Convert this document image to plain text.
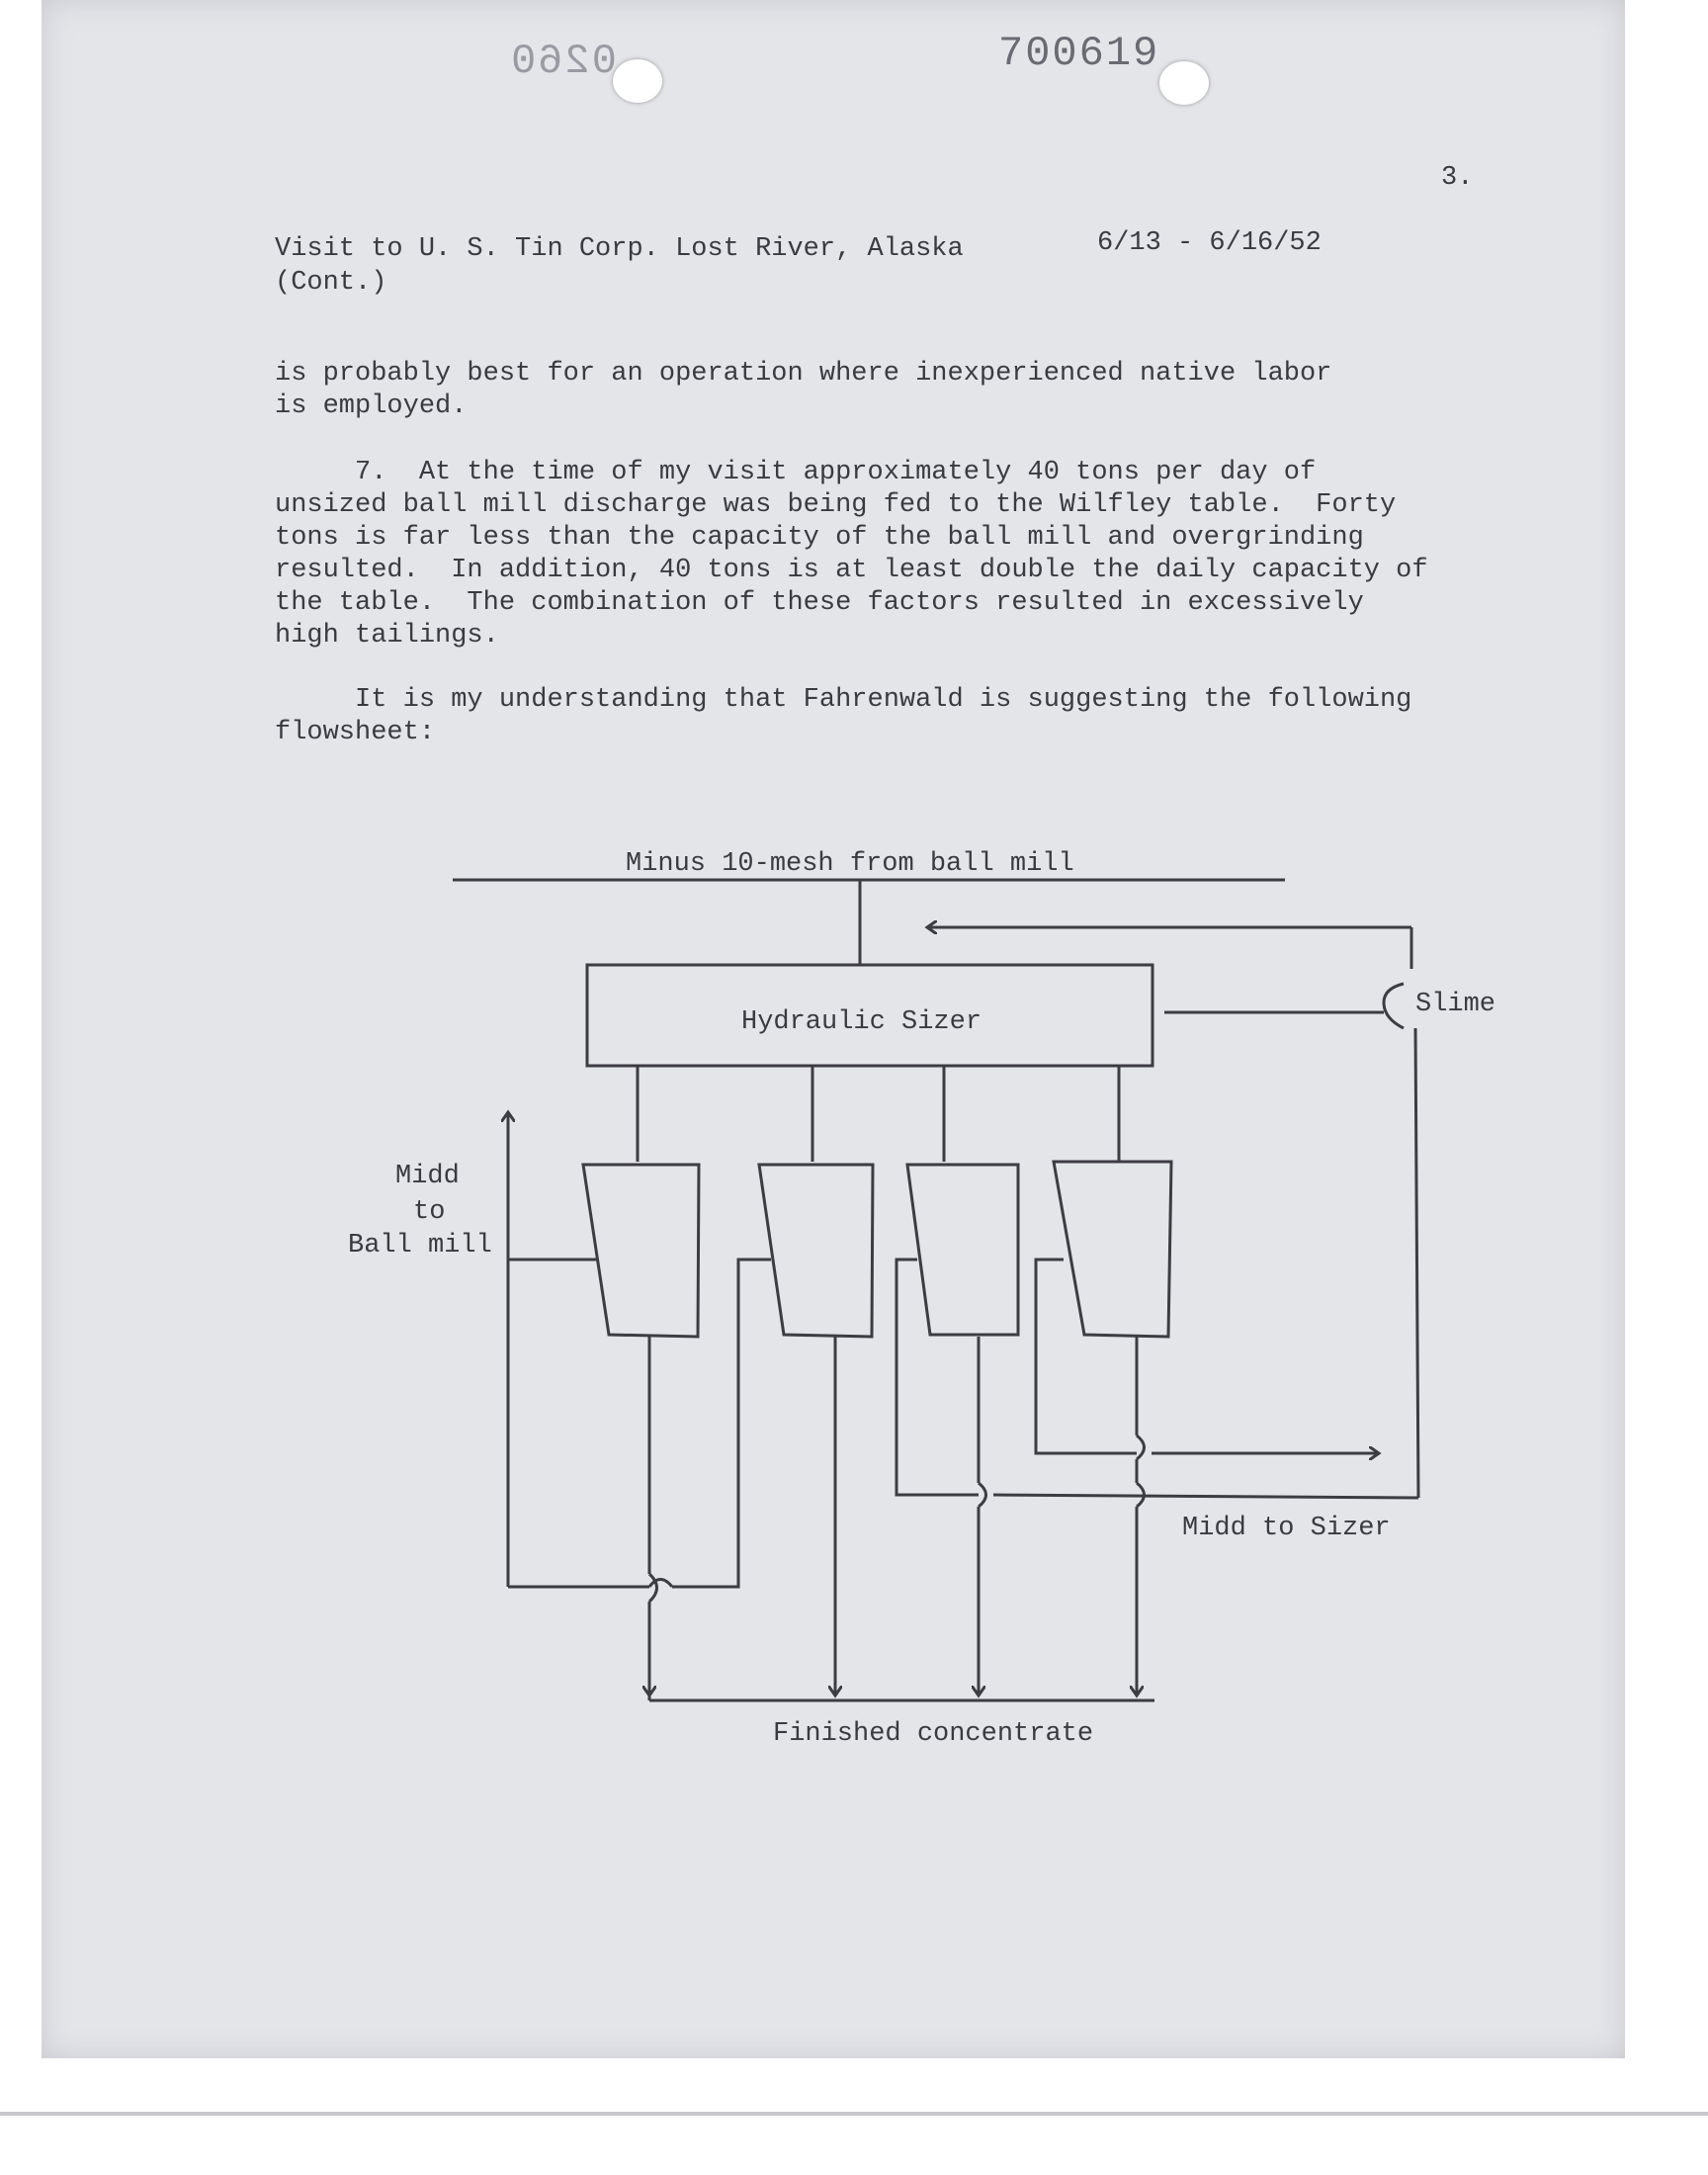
0260	700619
3.
Visit to U. S. Tin Corp. Lost River, Alaska
(Cont.)
6/13 - 6/16/52

is probably best for an operation where inexperienced native labor
is employed.

7.  At the time of my visit approximately 40 tons per day of
unsized ball mill discharge was being fed to the Wilfley table.  Forty
tons is far less than the capacity of the ball mill and overgrinding
resulted.  In addition, 40 tons is at least double the daily capacity of
the table.  The combination of these factors resulted in excessively
high tailings.

It is my understanding that Fahrenwald is suggesting the following
flowsheet:

Minus 10-mesh from ball mill
Hydraulic Sizer
Slime
Midd
to
Ball mill
Finished concentrate
Midd to Sizer
